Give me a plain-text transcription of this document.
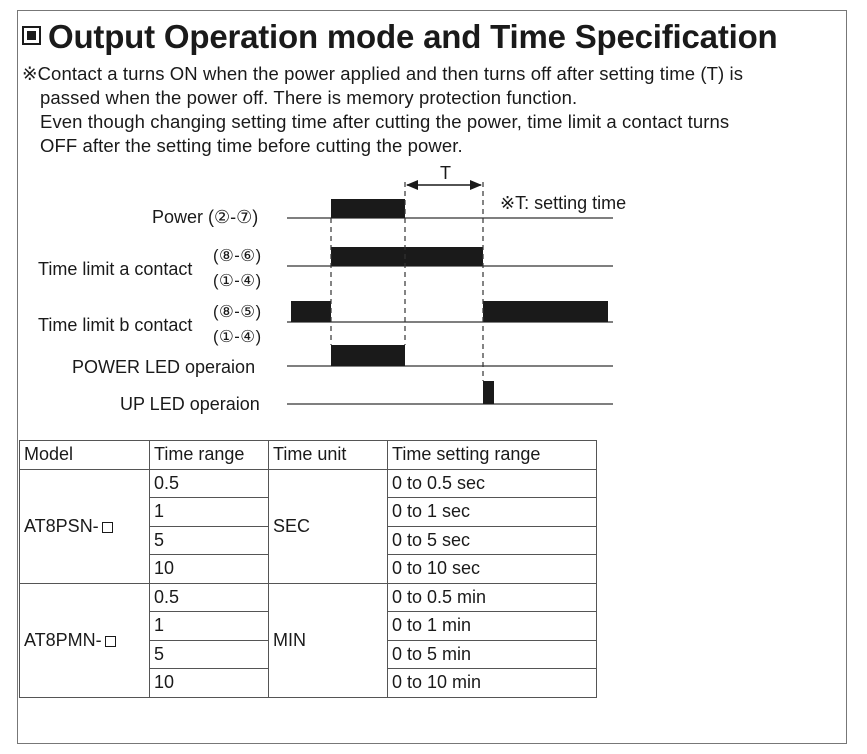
Output Operation mode and Time Specification
※Contact a turns ON when the power applied and then turns off after setting time (T) is
passed when the power off. There is memory protection function.
Even though changing setting time after cutting the power, time limit a contact turns
OFF after the setting time before cutting the power.
T
※T: setting time
Power (②-⑦)
Time limit a contact
(⑧-⑥)
(①-④)
Time limit b contact
(⑧-⑤)
(①-④)
POWER LED operaion
UP LED operaion
Model	Time range	Time unit	Time setting range
AT8PSN-	0.5	SEC	0 to 0.5 sec
	1		0 to 1 sec
	5		0 to 5 sec
	10		0 to 10 sec
AT8PMN-	0.5	MIN	0 to 0.5 min
	1		0 to 1 min
	5		0 to 5 min
	10		0 to 10 min
